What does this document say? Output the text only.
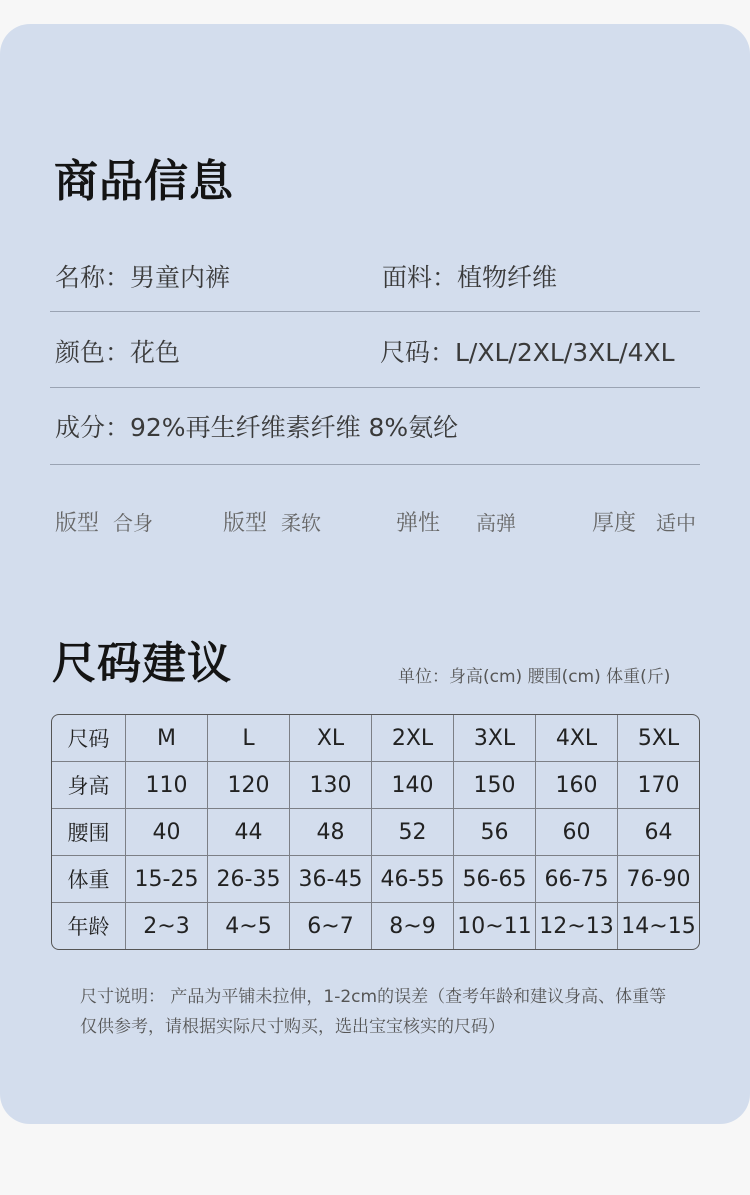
商品信息
名称：男童内裤	面料：植物纤维
颜色：花色	尺码：L/XL/2XL/3XL/4XL
成分：92%再生纤维素纤维 8%氨纶
版型 合身	版型 柔软	弹性 高弹	厚度 适中
尺码建议	单位：身高(cm) 腰围(cm) 体重(斤)
尺码	M	L	XL	2XL	3XL	4XL	5XL
身高	110	120	130	140	150	160	170
腰围	40	44	48	52	56	60	64
体重	15-25	26-35	36-45	46-55	56-65	66-75	76-90
年龄	2~3	4~5	6~7	8~9	10~11	12~13	14~15
尺寸说明： 产品为平铺未拉伸，1-2cm的误差（查考年龄和建议身高、体重等仅供参考，请根据实际尺寸购买，选出宝宝核实的尺码）
